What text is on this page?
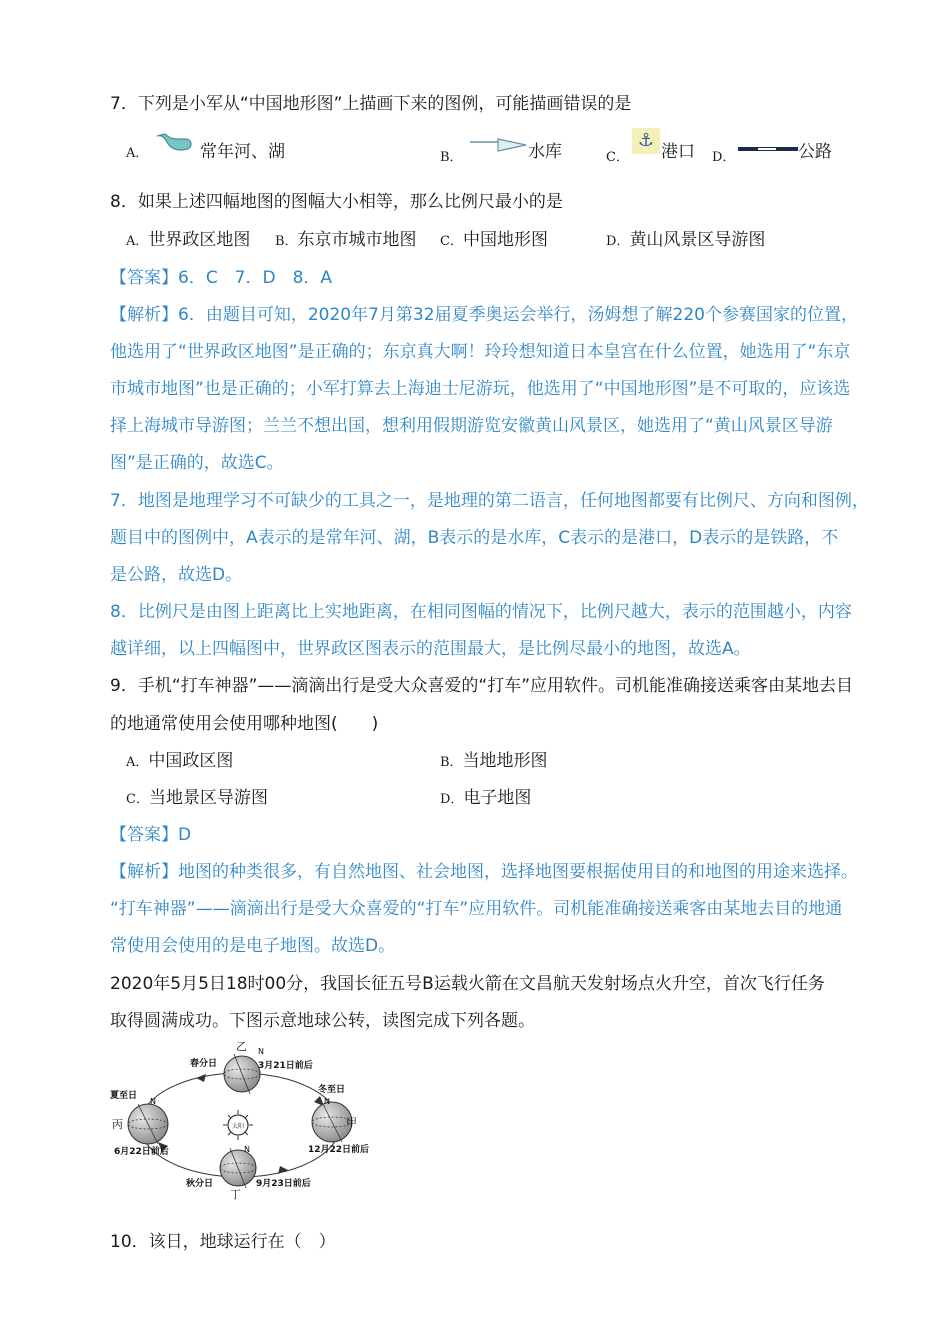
7．下列是小军从“中国地形图”上描画下来的图例，可能描画错误的是
A．	常年河、湖	B．	水库	C．
⚓
港口 D．	公路
8．如果上述四幅地图的图幅大小相等，那么比例尺最小的是
A．世界政区地图 B．东京市城市地图 C．中国地形图	D．黄山风景区导游图
【答案】6．C　7．D　8．A
【解析】6．由题目可知，2020年7月第32届夏季奥运会举行，汤姆想了解220个参赛国家的位置，
他选用了“世界政区地图”是正确的；东京真大啊！玲玲想知道日本皇宫在什么位置，她选用了“东京
市城市地图”也是正确的；小军打算去上海迪士尼游玩，他选用了“中国地形图”是不可取的，应该选
择上海城市导游图；兰兰不想出国，想利用假期游览安徽黄山风景区，她选用了“黄山风景区导游
图”是正确的，故选C。
7．地图是地理学习不可缺少的工具之一，是地理的第二语言，任何地图都要有比例尺、方向和图例，
题目中的图例中，A表示的是常年河、湖，B表示的是水库，C表示的是港口，D表示的是铁路，不
是公路，故选D。
8．比例尺是由图上距离比上实地距离，在相同图幅的情况下，比例尺越大，表示的范围越小，内容
越详细，以上四幅图中，世界政区图表示的范围最大，是比例尽最小的地图，故选A。
9．手机“打车神器”——滴滴出行是受大众喜爱的“打车”应用软件。司机能准确接送乘客由某地去目
的地通常使用会使用哪种地图(　　)
A．中国政区图	B．当地地形图
C．当地景区导游图	D．电子地图
【答案】D
【解析】地图的种类很多，有自然地图、社会地图，选择地图要根据使用目的和地图的用途来选择。
“打车神器”——滴滴出行是受大众喜爱的“打车”应用软件。司机能准确接送乘客由某地去目的地通
常使用会使用的是电子地图。故选D。
2020年5月5日18时00分，我国长征五号B运载火箭在文昌航天发射场点火升空，首次飞行任务
取得圆满成功。下图示意地球公转，读图完成下列各题。
太阳
乙
春分日	3月21日前后
N
甲
冬至日
12月22日前后
N
丙
夏至日
6月22日前后
N
丁
秋分日	9月23日前后
N
10．该日，地球运行在（　）
